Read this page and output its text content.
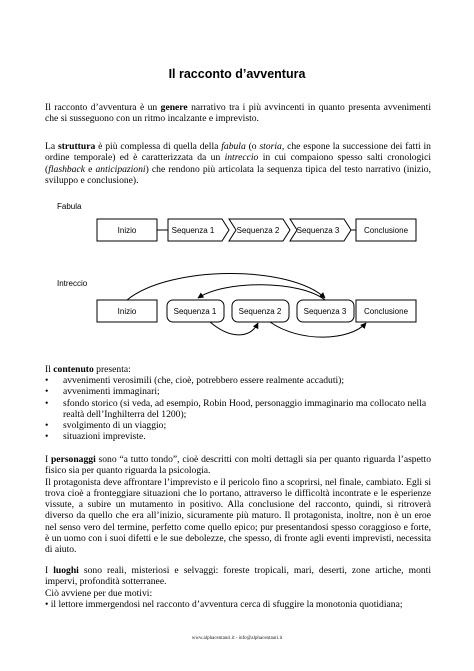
Il racconto d’avventura

Il racconto d’avventura è un genere narrativo tra i più avvincenti in quanto presenta avvenimenti che si susseguono con un ritmo incalzante e imprevisto.

La struttura è più complessa di quella della fabula (o storia, che espone la successione dei fatti in ordine temporale) ed è caratterizzata da un intreccio in cui compaiono spesso salti cronologici (flashback e anticipazioni) che rendono più articolata la sequenza tipica del testo narrativo (inizio, sviluppo e conclusione).

Fabula
Inizio	Sequenza 1	Sequenza 2 Sequenza 3	Conclusione
Intreccio
Inizio	Sequenza 1	Sequenza 2	Sequenza 3 Conclusione

Il contenuto presenta:

• avvenimenti verosimili (che, cioè, potrebbero essere realmente accaduti);
• avvenimenti immaginari;
• sfondo storico (si veda, ad esempio, Robin Hood, personaggio immaginario ma collocato nella realtà dell’Inghilterra del 1200);
• svolgimento di un viaggio;
• situazioni impreviste.

I personaggi sono “a tutto tondo”, cioè descritti con molti dettagli sia per quanto riguarda l’aspetto fisico sia per quanto riguarda la psicologia.
Il protagonista deve affrontare l’imprevisto e il pericolo fino a scoprirsi, nel finale, cambiato. Egli si trova cioè a fronteggiare situazioni che lo portano, attraverso le difficoltà incontrate e le esperienze vissute, a subire un mutamento in positivo. Alla conclusione del racconto, quindi, si ritroverà diverso da quello che era all’inizio, sicuramente più maturo. Il protagonista, inoltre, non è un eroe nel senso vero del termine, perfetto come quello epico; pur presentandosi spesso coraggioso e forte, è un uomo con i suoi difetti e le sue debolezze, che spesso, di fronte agli eventi imprevisti, necessita di aiuto.

I luoghi sono reali, misteriosi e selvaggi: foreste tropicali, mari, deserti, zone artiche, monti impervi, profondità sotterranee.
Ciò avviene per due motivi:
• il lettore immergendosi nel racconto d’avventura cerca di sfuggire la monotonia quotidiana;

www.alphacentauri.it - info@alphacentauri.it
